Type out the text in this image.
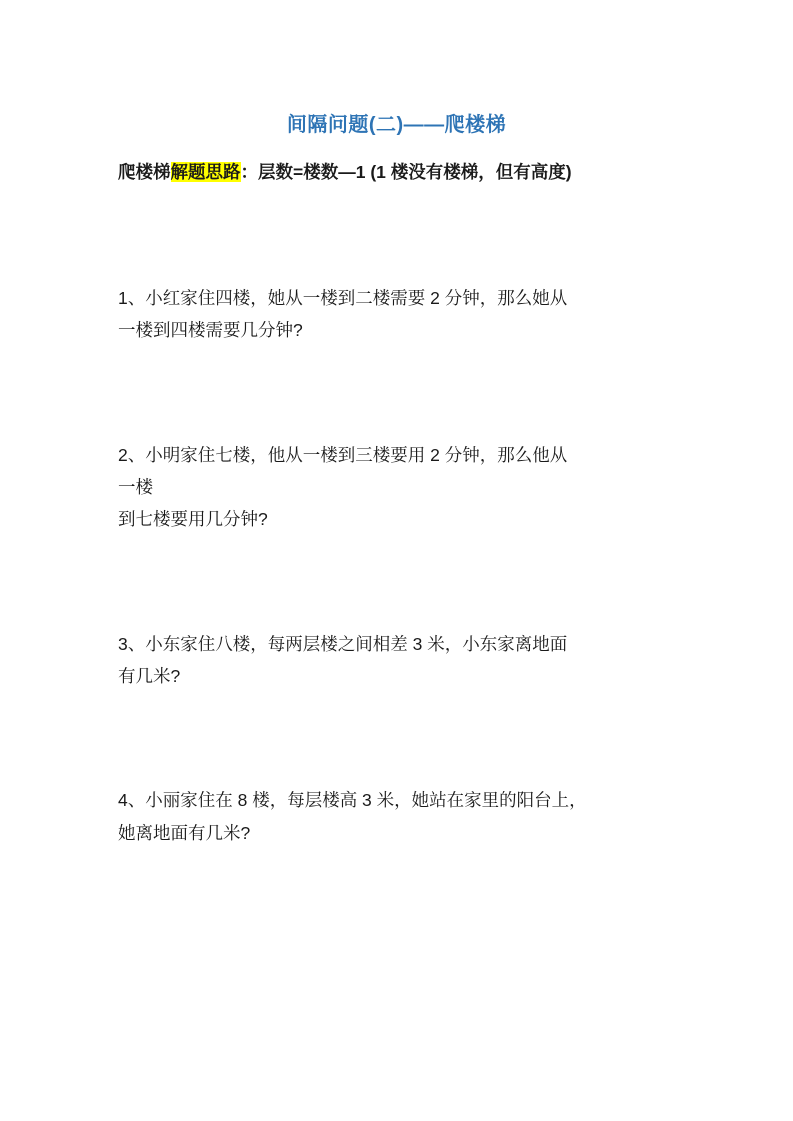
间隔问题(二)——爬楼梯

爬楼梯解题思路：层数=楼数—1 (1 楼没有楼梯，但有高度)

1、小红家住四楼，她从一楼到二楼需要 2 分钟，那么她从
一楼到四楼需要几分钟?

2、小明家住七楼，他从一楼到三楼要用 2 分钟，那么他从
一楼
到七楼要用几分钟?

3、小东家住八楼，每两层楼之间相差 3 米，小东家离地面
有几米?

4、小丽家住在 8 楼，每层楼高 3 米，她站在家里的阳台上，
她离地面有几米?
